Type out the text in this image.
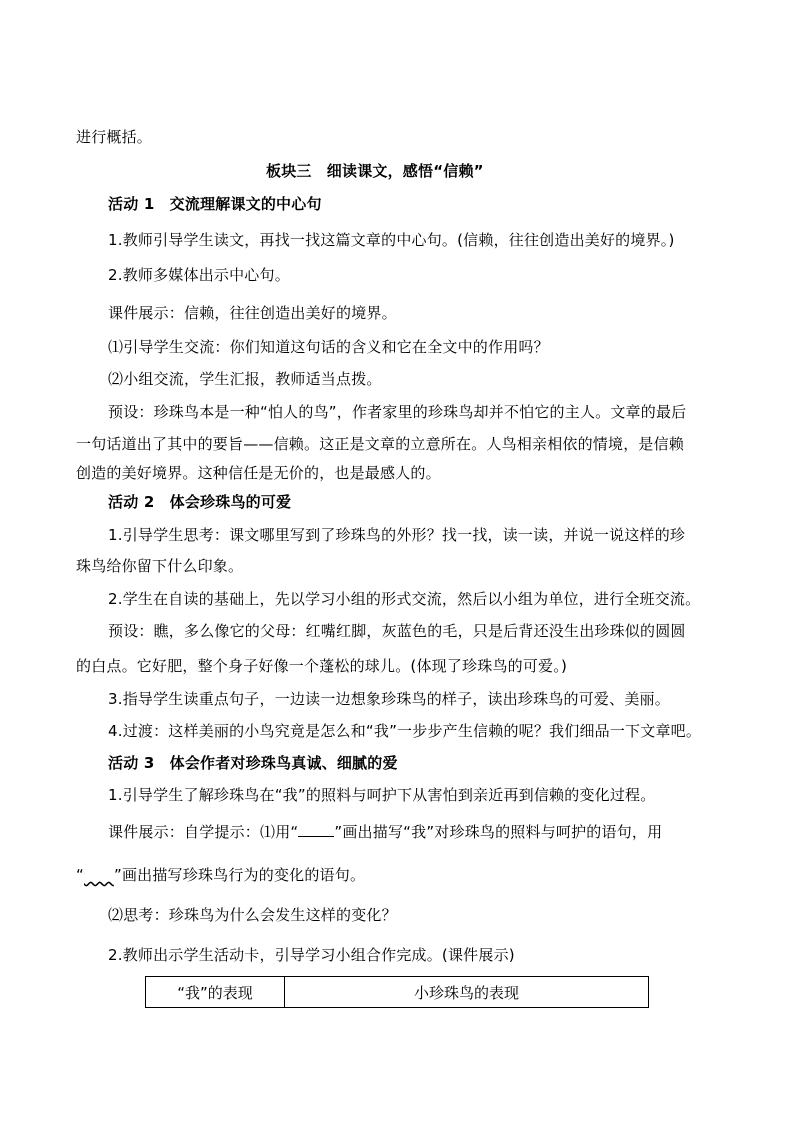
进行概括。
板块三　细读课文，感悟“信赖”
活动 1　交流理解课文的中心句
1.教师引导学生读文，再找一找这篇文章的中心句。(信赖，往往创造出美好的境界。)
2.教师多媒体出示中心句。
课件展示：信赖，往往创造出美好的境界。
⑴引导学生交流：你们知道这句话的含义和它在全文中的作用吗？
⑵小组交流，学生汇报，教师适当点拨。
预设：珍珠鸟本是一种“怕人的鸟”，作者家里的珍珠鸟却并不怕它的主人。文章的最后
一句话道出了其中的要旨——信赖。这正是文章的立意所在。人鸟相亲相依的情境，是信赖
创造的美好境界。这种信任是无价的，也是最感人的。
活动 2　体会珍珠鸟的可爱
1.引导学生思考：课文哪里写到了珍珠鸟的外形？找一找，读一读，并说一说这样的珍
珠鸟给你留下什么印象。
2.学生在自读的基础上，先以学习小组的形式交流，然后以小组为单位，进行全班交流。
预设：瞧，多么像它的父母：红嘴红脚，灰蓝色的毛，只是后背还没生出珍珠似的圆圆
的白点。它好肥，整个身子好像一个蓬松的球儿。(体现了珍珠鸟的可爱。)
3.指导学生读重点句子，一边读一边想象珍珠鸟的样子，读出珍珠鸟的可爱、美丽。
4.过渡：这样美丽的小鸟究竟是怎么和“我”一步步产生信赖的呢？我们细品一下文章吧。
活动 3　体会作者对珍珠鸟真诚、细腻的爱
1.引导学生了解珍珠鸟在“我”的照料与呵护下从害怕到亲近再到信赖的变化过程。
课件展示：自学提示：⑴用“ ”画出描写“我”对珍珠鸟的照料与呵护的语句，用
“ ”画出描写珍珠鸟行为的变化的语句。
⑵思考：珍珠鸟为什么会发生这样的变化？
2.教师出示学生活动卡，引导学习小组合作完成。(课件展示)
“我”的表现	小珍珠鸟的表现
